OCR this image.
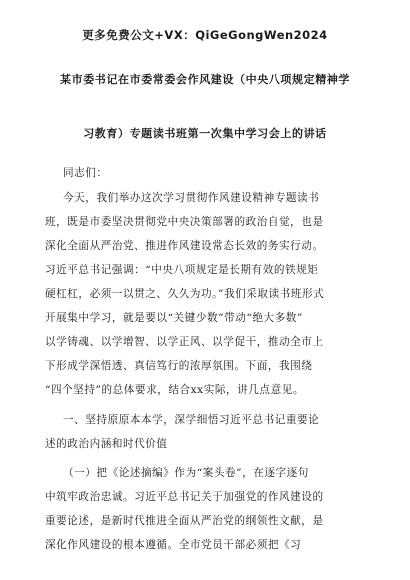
更多免费公文+VX：QiGeGongWen2024
某市委书记在市委常委会作风建设（中央八项规定精神学
习教育）专题读书班第一次集中学习会上的讲话
同志们：
今天，我们举办这次学习贯彻作风建设精神专题读书
班，既是市委坚决贯彻党中央决策部署的政治自觉，也是
深化全面从严治党、推进作风建设常态长效的务实行动。
习近平总书记强调：“中央八项规定是长期有效的铁规矩
硬杠杠，必须一以贯之、久久为功。”我们采取读书班形式
开展集中学习，就是要以“关键少数”带动“绝大多数”
以学铸魂、以学增智、以学正风、以学促干，推动全市上
下形成学深悟透、真信笃行的浓厚氛围。下面，我围绕
“四个坚持”的总体要求，结合xx实际，讲几点意见。
一、坚持原原本本学，深学细悟习近平总书记重要论
述的政治内涵和时代价值
（一）把《论述摘编》作为“案头卷”，在逐字逐句
中筑牢政治忠诚。习近平总书记关于加强党的作风建设的
重要论述，是新时代推进全面从严治党的纲领性文献，是
深化作风建设的根本遵循。全市党员干部必须把《习
